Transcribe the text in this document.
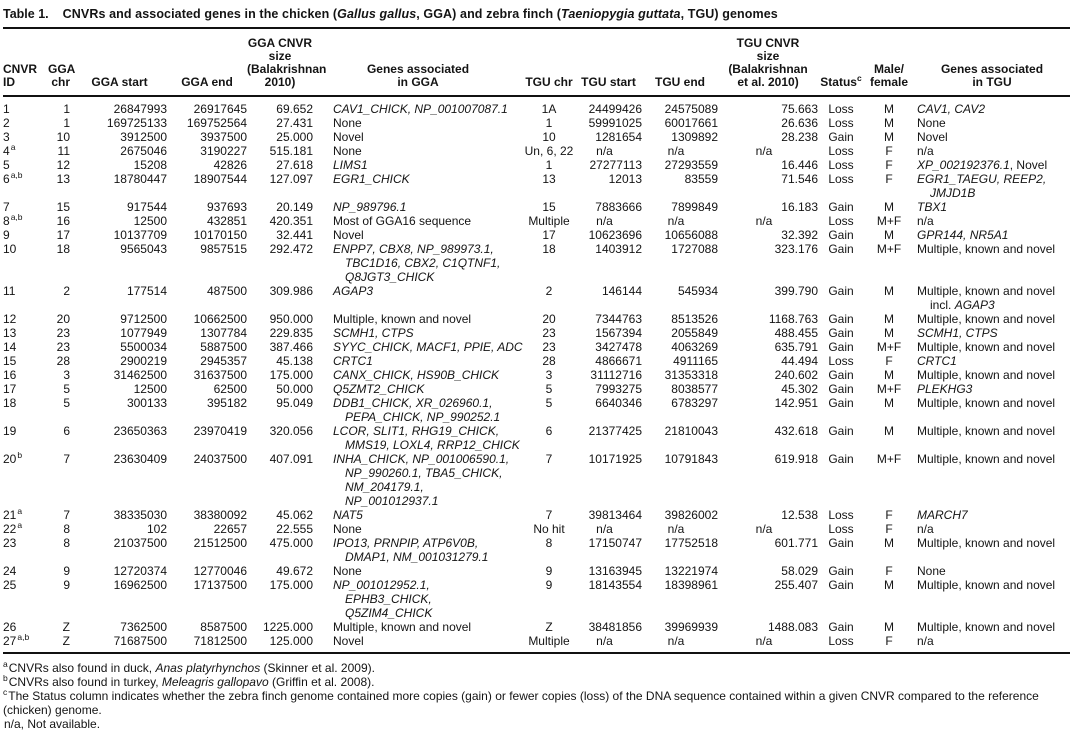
Table 1. CNVRs and associated genes in the chicken (Gallus gallus, GGA) and zebra finch (Taeniopygia guttata, TGU) genomes
CNVR
ID	GGA
chr	GGA start	GGA end	GGA CNVR size
(Balakrishnan
2010)	Genes associated
in GGA	TGU chr	TGU start	TGU end	TGU CNVR
size
(Balakrishnan
et al. 2010)	Status$^c$	Male/
female	Genes associated
in TGU
1	1	26847993	26917645	69.652	CAV1_CHICK, NP_001007087.1	1A	24499426	24575089	75.663	Loss	M	CAV1, CAV2
2	1	169725133	169752564	27.431	None	1	59991025	60017661	26.636	Loss	M	None
3	10	3912500	3937500	25.000	Novel	10	1281654	1309892	28.238	Gain	M	Novel
4$^a$	11	2675046	3190227	515.181	None	Un, 6, 22	n/a	n/a	n/a	Loss	F	n/a
5	12	15208	42826	27.618	LIMS1	1	27277113	27293559	16.446	Loss	F	XP_002192376.1, Novel
6$^{a,b}$	13	18780447	18907544	127.097	EGR1_CHICK	13	12013	83559	71.546	Loss	F	EGR1_TAEGU, REEP2, JMJD1B
7	15	917544	937693	20.149	NP_989796.1	15	7883666	7899849	16.183	Gain	M	TBX1
8$^{a,b}$	16	12500	432851	420.351	Most of GGA16 sequence	Multiple	n/a	n/a	n/a	Loss	M+F	n/a
9	17	10137709	10170150	32.441	Novel	17	10623696	10656088	32.392	Gain	M	GPR144, NR5A1
10	18	9565043	9857515	292.472	ENPP7, CBX8, NP_989973.1,
TBC1D16, CBX2, C1QTNF1,
Q8JGT3_CHICK	18	1403912	1727088	323.176	Gain	M+F	Multiple, known and novel
11	2	177514	487500	309.986	AGAP3	2	146144	545934	399.790	Gain	M	Multiple, known and novel
incl. AGAP3
12	20	9712500	10662500	950.000	Multiple, known and novel	20	7344763	8513526	1168.763	Gain	M	Multiple, known and novel
13	23	1077949	1307784	229.835	SCMH1, CTPS	23	1567394	2055849	488.455	Gain	M	SCMH1, CTPS
14	23	5500034	5887500	387.466	SYYC_CHICK, MACF1, PPIE, ADC	23	3427478	4063269	635.791	Gain	M+F	Multiple, known and novel
15	28	2900219	2945357	45.138	CRTC1	28	4866671	4911165	44.494	Loss	F	CRTC1
16	3	31462500	31637500	175.000	CANX_CHICK, HS90B_CHICK	3	31112716	31353318	240.602	Gain	M	Multiple, known and novel
17	5	12500	62500	50.000	Q5ZMT2_CHICK	5	7993275	8038577	45.302	Gain	M+F	PLEKHG3
18	5	300133	395182	95.049	DDB1_CHICK, XR_026960.1,
PEPA_CHICK, NP_990252.1	5	6640346	6783297	142.951	Gain	M	Multiple, known and novel
19	6	23650363	23970419	320.056	LCOR, SLIT1, RHG19_CHICK,
MMS19, LOXL4, RRP12_CHICK	6	21377425	21810043	432.618	Gain	M	Multiple, known and novel
20$^b$	7	23630409	24037500	407.091	INHA_CHICK, NP_001006590.1,
NP_990260.1, TBA5_CHICK,
NM_204179.1,
NP_001012937.1	7	10171925	10791843	619.918	Gain	M+F	Multiple, known and novel
21$^a$	7	38335030	38380092	45.062	NAT5	7	39813464	39826002	12.538	Loss	F	MARCH7
22$^a$	8	102	22657	22.555	None	No hit	n/a	n/a	n/a	Loss	F	n/a
23	8	21037500	21512500	475.000	IPO13, PRNPIP, ATP6V0B,
DMAP1, NM_001031279.1	8	17150747	17752518	601.771	Gain	M	Multiple, known and novel
24	9	12720374	12770046	49.672	None	9	13163945	13221974	58.029	Gain	F	None
25	9	16962500	17137500	175.000	NP_001012952.1,
EPHB3_CHICK,
Q5ZIM4_CHICK	9	18143554	18398961	255.407	Gain	M	Multiple, known and novel
26	Z	7362500	8587500	1225.000	Multiple, known and novel	Z	38481856	39969939	1488.083	Gain	M	Multiple, known and novel
27$^{a,b}$	Z	71687500	71812500	125.000	Novel	Multiple	n/a	n/a	n/a	Loss	F	n/a
$^a$CNVRs also found in duck, Anas platyrhynchos (Skinner et al. 2009).
$^b$CNVRs also found in turkey, Meleagris gallopavo (Griffin et al. 2008).
$^c$The Status column indicates whether the zebra finch genome contained more copies (gain) or fewer copies (loss) of the DNA sequence contained within a given CNVR compared to the reference (chicken) genome.
n/a, Not available.
